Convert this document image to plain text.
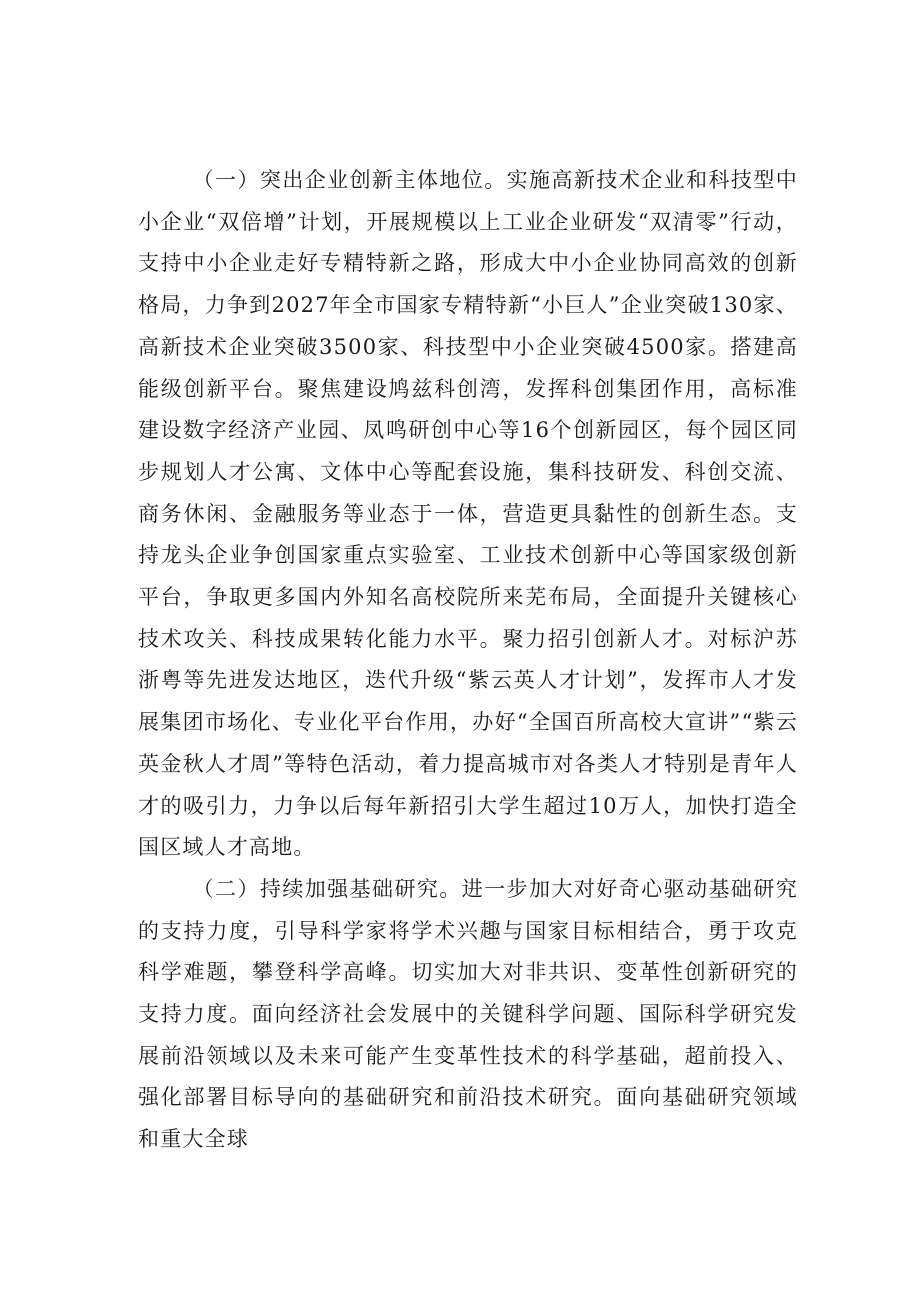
（一）突出企业创新主体地位。实施高新技术企业和科技型中小企业“双倍增”计划，开展规模以上工业企业研发“双清零”行动，支持中小企业走好专精特新之路，形成大中小企业协同高效的创新格局，力争到2027年全市国家专精特新“小巨人”企业突破130家、高新技术企业突破3500家、科技型中小企业突破4500家。搭建高能级创新平台。聚焦建设鸠兹科创湾，发挥科创集团作用，高标准建设数字经济产业园、凤鸣研创中心等16个创新园区，每个园区同步规划人才公寓、文体中心等配套设施，集科技研发、科创交流、商务休闲、金融服务等业态于一体，营造更具黏性的创新生态。支持龙头企业争创国家重点实验室、工业技术创新中心等国家级创新平台，争取更多国内外知名高校院所来芜布局，全面提升关键核心技术攻关、科技成果转化能力水平。聚力招引创新人才。对标沪苏浙粤等先进发达地区，迭代升级“紫云英人才计划”，发挥市人才发展集团市场化、专业化平台作用，办好“全国百所高校大宣讲”“紫云英金秋人才周”等特色活动，着力提高城市对各类人才特别是青年人才的吸引力，力争以后每年新招引大学生超过10万人，加快打造全国区域人才高地。

（二）持续加强基础研究。进一步加大对好奇心驱动基础研究的支持力度，引导科学家将学术兴趣与国家目标相结合，勇于攻克科学难题，攀登科学高峰。切实加大对非共识、变革性创新研究的支持力度。面向经济社会发展中的关键科学问题、国际科学研究发展前沿领域以及未来可能产生变革性技术的科学基础，超前投入、强化部署目标导向的基础研究和前沿技术研究。面向基础研究领域和重大全球
